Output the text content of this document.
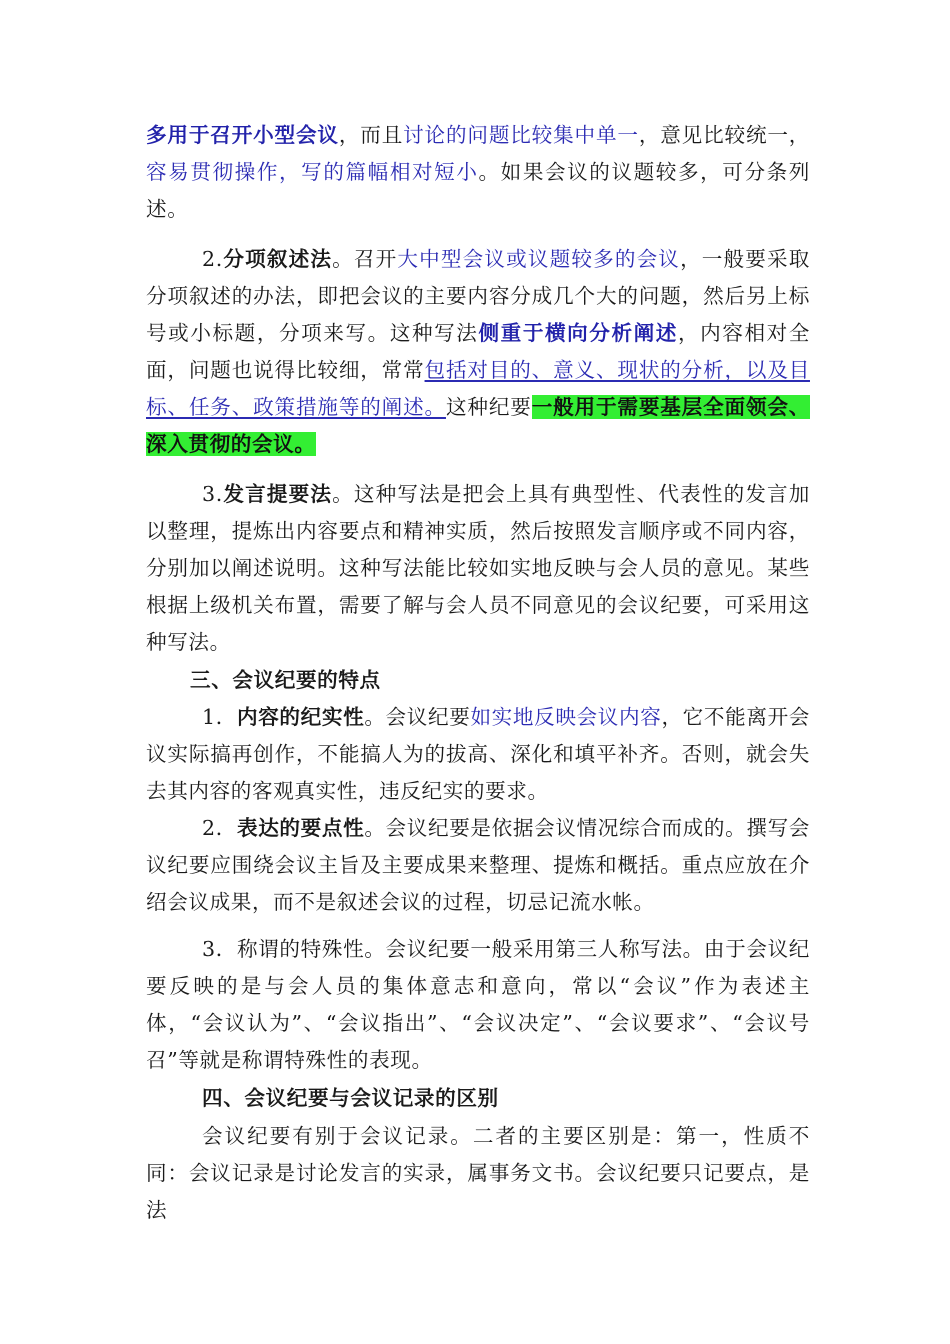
多用于召开小型会议，而且讨论的问题比较集中单一，意见比较统一，容易贯彻操作，写的篇幅相对短小。如果会议的议题较多，可分条列述。

2.分项叙述法。召开大中型会议或议题较多的会议，一般要采取分项叙述的办法，即把会议的主要内容分成几个大的问题，然后另上标号或小标题，分项来写。这种写法侧重于横向分析阐述，内容相对全面，问题也说得比较细，常常包括对目的、意义、现状的分析，以及目标、任务、政策措施等的阐述。这种纪要一般用于需要基层全面领会、深入贯彻的会议。

3.发言提要法。这种写法是把会上具有典型性、代表性的发言加以整理，提炼出内容要点和精神实质，然后按照发言顺序或不同内容，分别加以阐述说明。这种写法能比较如实地反映与会人员的意见。某些根据上级机关布置，需要了解与会人员不同意见的会议纪要，可采用这种写法。

三、会议纪要的特点

1．内容的纪实性。会议纪要如实地反映会议内容，它不能离开会议实际搞再创作，不能搞人为的拔高、深化和填平补齐。否则，就会失去其内容的客观真实性，违反纪实的要求。

2．表达的要点性。会议纪要是依据会议情况综合而成的。撰写会议纪要应围绕会议主旨及主要成果来整理、提炼和概括。重点应放在介绍会议成果，而不是叙述会议的过程，切忌记流水帐。

3．称谓的特殊性。会议纪要一般采用第三人称写法。由于会议纪要反映的是与会人员的集体意志和意向，常以“会议”作为表述主体，“会议认为”、“会议指出”、“会议决定”、“会议要求”、“会议号召”等就是称谓特殊性的表现。

四、会议纪要与会议记录的区别

会议纪要有别于会议记录。二者的主要区别是：第一，性质不同：会议记录是讨论发言的实录，属事务文书。会议纪要只记要点，是法
